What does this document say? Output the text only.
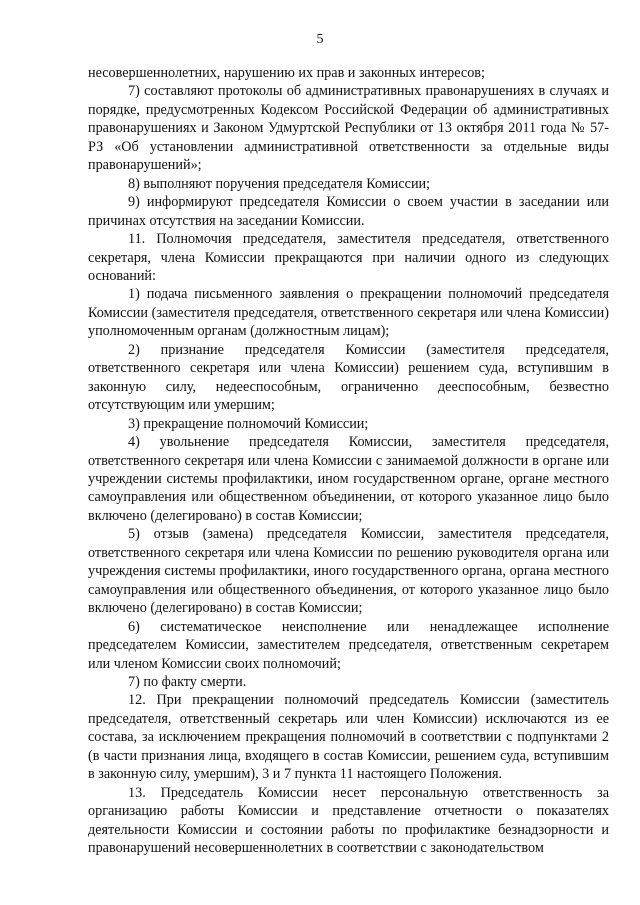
5

несовершеннолетних, нарушению их прав и законных интересов;

7) составляют протоколы об административных правонарушениях в случаях и порядке, предусмотренных Кодексом Российской Федерации об административных правонарушениях и Законом Удмуртской Республики от 13 октября 2011 года № 57-РЗ «Об установлении административной ответственности за отдельные виды правонарушений»;

8) выполняют поручения председателя Комиссии;

9) информируют председателя Комиссии о своем участии в заседании или причинах отсутствия на заседании Комиссии.

11. Полномочия председателя, заместителя председателя, ответственного секретаря, члена Комиссии прекращаются при наличии одного из следующих оснований:

1) подача письменного заявления о прекращении полномочий председателя Комиссии (заместителя председателя, ответственного секретаря или члена Комиссии) уполномоченным органам (должностным лицам);

2) признание председателя Комиссии (заместителя председателя, ответственного секретаря или члена Комиссии) решением суда, вступившим в законную силу, недееспособным, ограниченно дееспособным, безвестно отсутствующим или умершим;

3) прекращение полномочий Комиссии;

4) увольнение председателя Комиссии, заместителя председателя, ответственного секретаря или члена Комиссии с занимаемой должности в органе или учреждении системы профилактики, ином государственном органе, органе местного самоуправления или общественном объединении, от которого указанное лицо было включено (делегировано) в состав Комиссии;

5) отзыв (замена) председателя Комиссии, заместителя председателя, ответственного секретаря или члена Комиссии по решению руководителя органа или учреждения системы профилактики, иного государственного органа, органа местного самоуправления или общественного объединения, от которого указанное лицо было включено (делегировано) в состав Комиссии;

6) систематическое неисполнение или ненадлежащее исполнение председателем Комиссии, заместителем председателя, ответственным секретарем или членом Комиссии своих полномочий;

7) по факту смерти.

12. При прекращении полномочий председатель Комиссии (заместитель председателя, ответственный секретарь или член Комиссии) исключаются из ее состава, за исключением прекращения полномочий в соответствии с подпунктами 2 (в части признания лица, входящего в состав Комиссии, решением суда, вступившим в законную силу, умершим), 3 и 7 пункта 11 настоящего Положения.

13. Председатель Комиссии несет персональную ответственность за организацию работы Комиссии и представление отчетности о показателях деятельности Комиссии и состоянии работы по профилактике безнадзорности и правонарушений несовершеннолетних в соответствии с законодательством
